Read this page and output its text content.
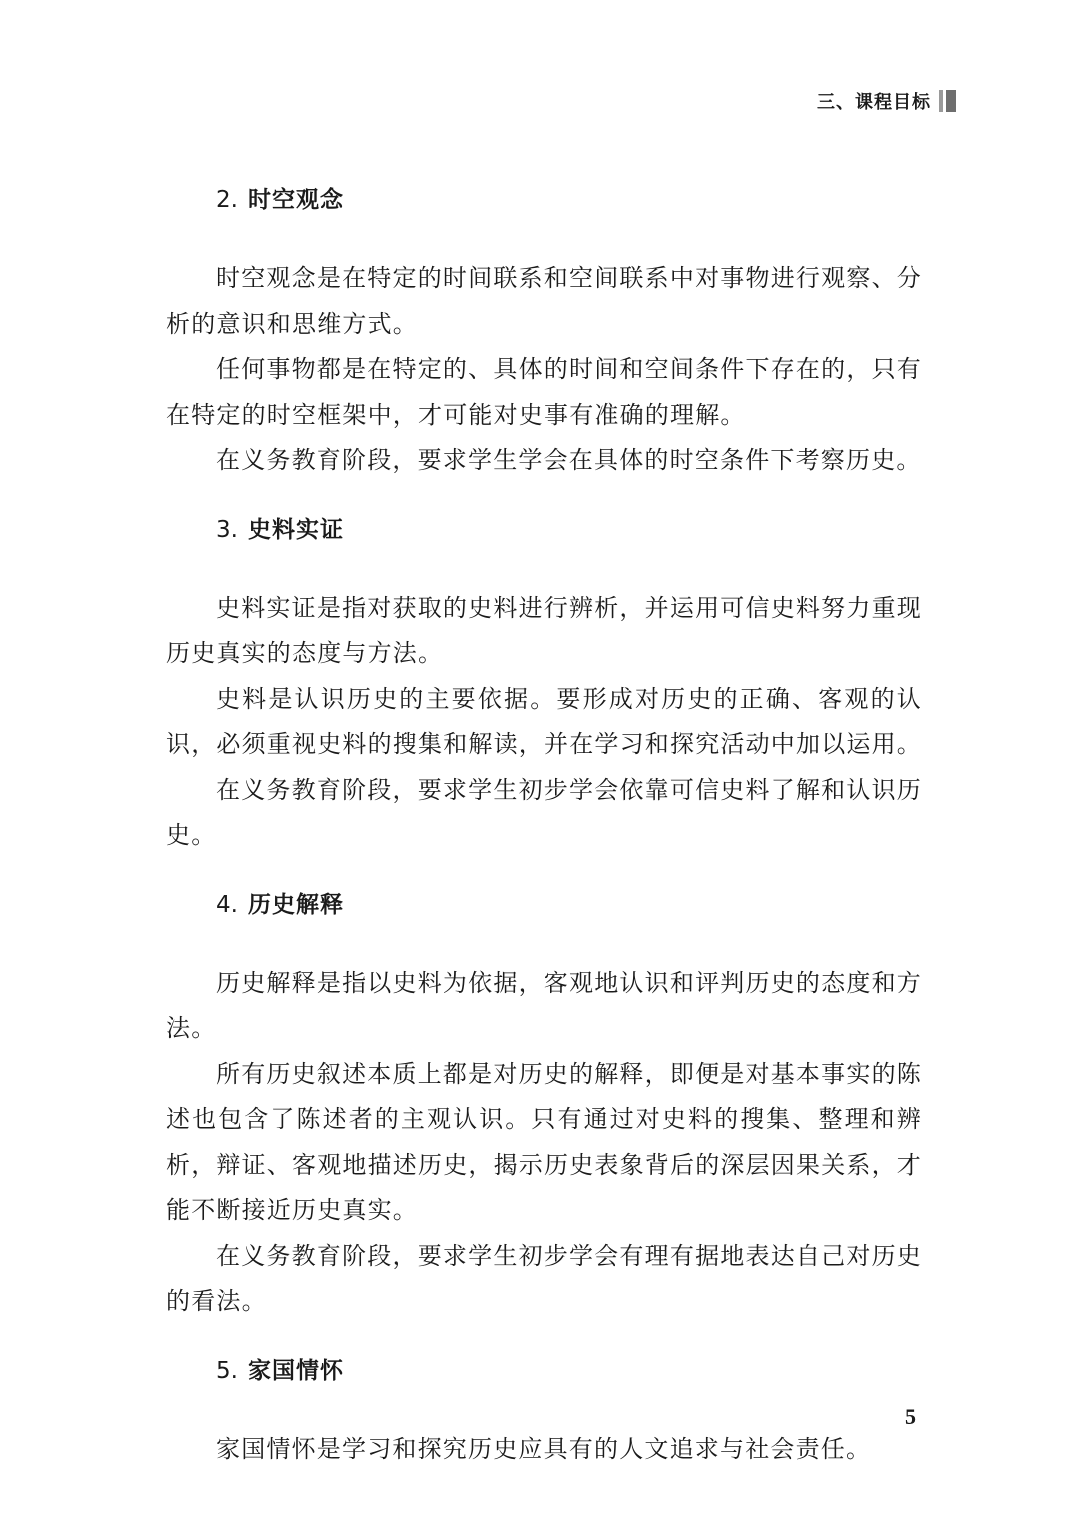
三、课程目标
2. 时空观念

时空观念是在特定的时间联系和空间联系中对事物进行观察、分析的意识和思维方式。

任何事物都是在特定的、具体的时间和空间条件下存在的，只有在特定的时空框架中，才可能对史事有准确的理解。

在义务教育阶段，要求学生学会在具体的时空条件下考察历史。

3. 史料实证

史料实证是指对获取的史料进行辨析，并运用可信史料努力重现历史真实的态度与方法。

史料是认识历史的主要依据。要形成对历史的正确、客观的认识，必须重视史料的搜集和解读，并在学习和探究活动中加以运用。

在义务教育阶段，要求学生初步学会依靠可信史料了解和认识历史。

4. 历史解释

历史解释是指以史料为依据，客观地认识和评判历史的态度和方法。

所有历史叙述本质上都是对历史的解释，即便是对基本事实的陈述也包含了陈述者的主观认识。只有通过对史料的搜集、整理和辨析，辩证、客观地描述历史，揭示历史表象背后的深层因果关系，才能不断接近历史真实。

在义务教育阶段，要求学生初步学会有理有据地表达自己对历史的看法。

5. 家国情怀

家国情怀是学习和探究历史应具有的人文追求与社会责任。

5
